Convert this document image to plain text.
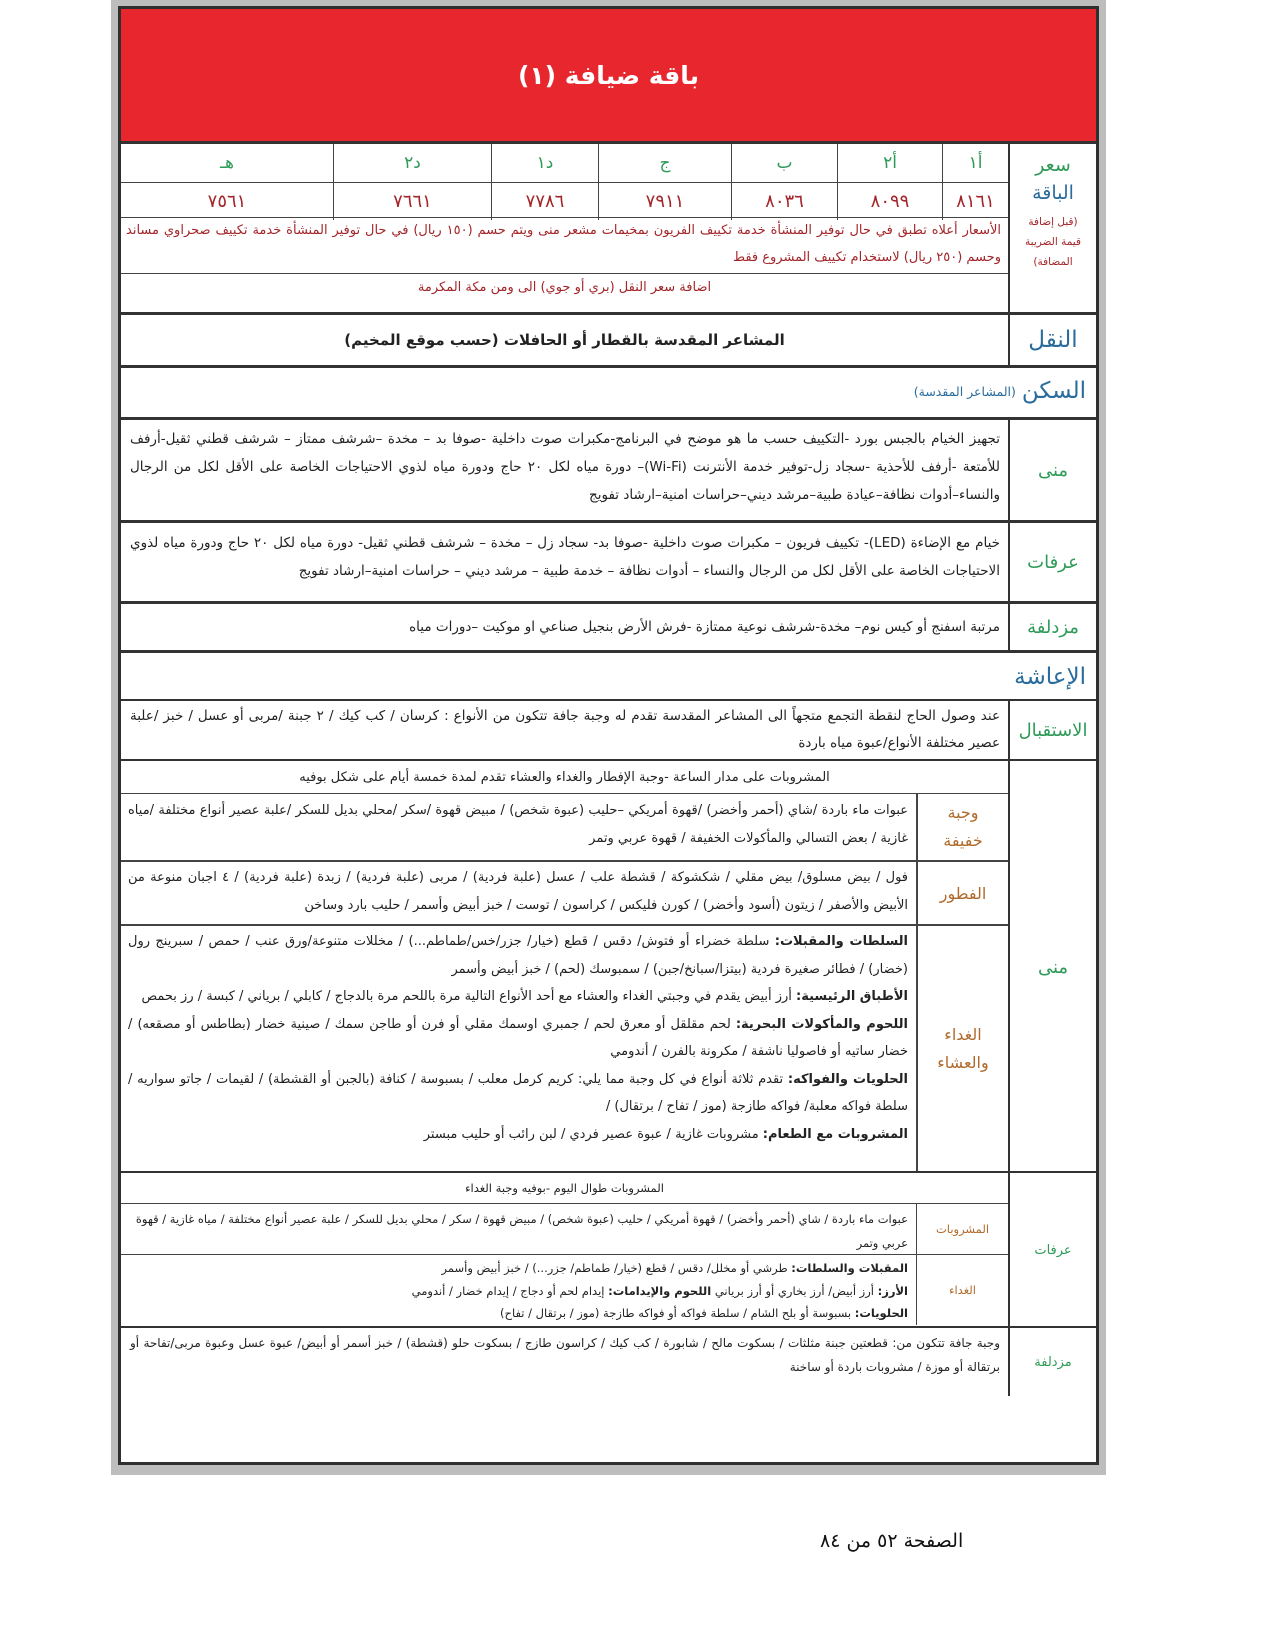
باقة ضيافة (١)
سعر
الباقة
(قبل إضافة قيمة الضريبة المضافة)
أ١
٨١٦١
أ٢
٨٠٩٩
ب
٨٠٣٦
ج
٧٩١١
د١
٧٧٨٦
د٢
٧٦٦١
هـ
٧٥٦١
الأسعار أعلاه تطبق في حال توفير المنشأة خدمة تكييف الفريون بمخيمات مشعر منى ويتم حسم (١٥٠ ريال) في حال توفير المنشأة خدمة تكييف صحراوي مساند وحسم (٢٥٠ ريال) لاستخدام تكييف المشروع فقط
اضافة سعر النقل (بري أو جوي) الى ومن مكة المكرمة
النقل
المشاعر المقدسة بالقطار أو الحافلات (حسب موقع المخيم)
السكن
(المشاعر المقدسة)
منى
تجهيز الخيام بالجبس بورد -التكييف حسب ما هو موضح في البرنامج-مكبرات صوت داخلية -صوفا بد – مخدة –شرشف ممتاز – شرشف قطني ثقيل-أرفف للأمتعة -أرفف للأحذية -سجاد زل-توفير خدمة الأنترنت (Wi-Fi)– دورة مياه لكل ٢٠ حاج ودورة مياه لذوي الاحتياجات الخاصة على الأقل لكل من الرجال والنساء–أدوات نظافة–عيادة طبية–مرشد ديني–حراسات امنية–ارشاد تفويج
عرفات
خيام مع الإضاءة (LED)- تكييف فريون – مكبرات صوت داخلية -صوفا بد- سجاد زل – مخدة – شرشف قطني ثقيل- دورة مياه لكل ٢٠ حاج ودورة مياه لذوي الاحتياجات الخاصة على الأقل لكل من الرجال والنساء – أدوات نظافة – خدمة طبية – مرشد ديني – حراسات امنية–ارشاد تفويج
مزدلفة
مرتبة اسفنج أو كيس نوم– مخدة-شرشف نوعية ممتازة -فرش الأرض بنجيل صناعي او موكيت –دورات مياه
الإعاشة
الاستقبال
عند وصول الحاج لنقطة التجمع متجهاً الى المشاعر المقدسة تقدم له وجبة جافة تتكون من الأنواع : كرسان / كب كيك / ٢ جبنة /مربى أو عسل / خبز /علبة عصير مختلفة الأنواع/عبوة مياه باردة
منى
المشروبات على مدار الساعة -وجبة الإفطار والغداء والعشاء تقدم لمدة خمسة أيام على شكل بوفيه
وجبة خفيفة
عبوات ماء باردة /شاي (أحمر وأخضر) /قهوة أمريكي –حليب (عبوة شخص) / مبيض قهوة /سكر /محلي بديل للسكر /علبة عصير أنواع مختلفة /مياه غازية / بعض التسالي والمأكولات الخفيفة / قهوة عربي وتمر
الفطور
فول / بيض مسلوق/ بيض مقلي / شكشوكة / قشطة علب / عسل (علبة فردية) / مربى (علبة فردية) / زبدة (علبة فردية) / ٤ اجبان منوعة من الأبيض والأصفر / زيتون (أسود وأخضر) / كورن فليكس / كراسون / توست / خبز أبيض وأسمر / حليب بارد وساخن
الغداء والعشاء
السلطات والمقبلات: سلطة خضراء أو فتوش/ دقس / قطع (خيار/ جزر/خس/طماطم...) / مخللات متنوعة/ورق عنب / حمص / سبرينج رول (خضار) / فطائر صغيرة فردية (بيتزا/سبانخ/جبن) / سمبوسك (لحم) / خبز أبيض وأسمر
الأطباق الرئيسية: أرز أبيض يقدم في وجبتي الغداء والعشاء مع أحد الأنواع التالية مرة باللحم مرة بالدجاج / كابلي / برياني / كبسة / رز بحمص
اللحوم والمأكولات البحرية: لحم مقلقل أو معرق لحم / جمبري اوسمك مقلي أو فرن أو طاجن سمك / صينية خضار (بطاطس أو مصقعه) / خضار ساتيه أو فاصوليا ناشفة / مكرونة بالفرن / أندومي
الحلويات والفواكه: تقدم ثلاثة أنواع في كل وجبة مما يلي: كريم كرمل معلب / بسبوسة / كنافة (بالجبن أو القشطة) / لقيمات / جاتو سواريه / سلطة فواكه معلبة/ فواكه طازجة (موز / تفاح / برتقال) /
المشروبات مع الطعام: مشروبات غازية / عبوة عصير فردي / لبن رائب أو حليب مبستر
عرفات
المشروبات طوال اليوم -بوفيه وجبة الغداء
المشروبات
عبوات ماء باردة / شاي (أحمر وأخضر) / قهوة أمريكي / حليب (عبوة شخص) / مبيض قهوة / سكر / محلي بديل للسكر / علبة عصير أنواع مختلفة / مياه غازية / قهوة عربي وتمر
الغداء
المقبلات والسلطات: طرشي أو مخلل/ دقس / قطع (خيار/ طماطم/ جزر...) / خبز أبيض وأسمر
الأرز: أرز أبيض/ أرز بخاري أو أرز برياني اللحوم والإيدامات: إيدام لحم أو دجاج / إيدام خضار / أندومي
الحلويات: بسبوسة أو بلح الشام / سلطة فواكه أو فواكه طازجة (موز / برتقال / تفاح)
مزدلفة
وجبة جافة تتكون من: قطعتين جبنة مثلثات / بسكوت مالح / شابورة / كب كيك / كراسون طازج / بسكوت حلو (قشطة) / خبز أسمر أو أبيض/ عبوة عسل وعبوة مربى/تفاحة أو برتقالة أو موزة / مشروبات باردة أو ساخنة
الصفحة ٥٢ من ٨٤
